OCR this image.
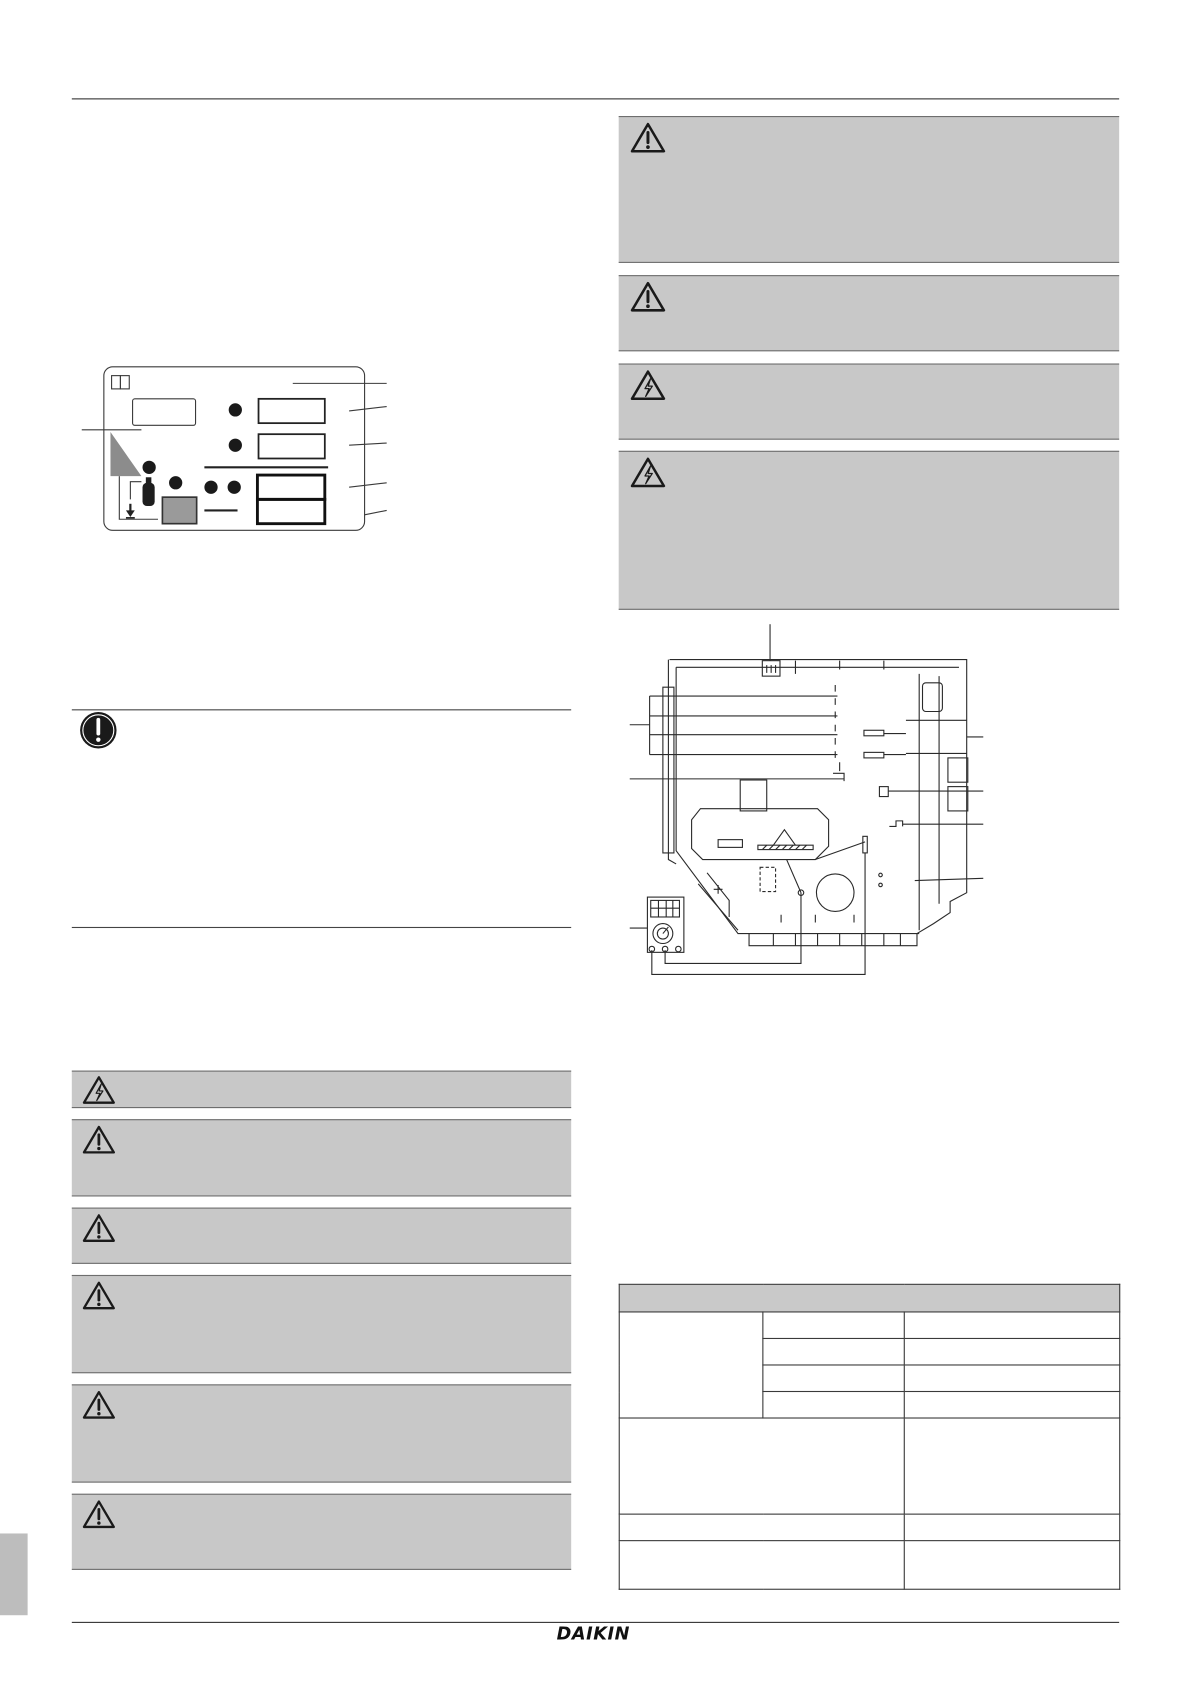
DAIKIN
